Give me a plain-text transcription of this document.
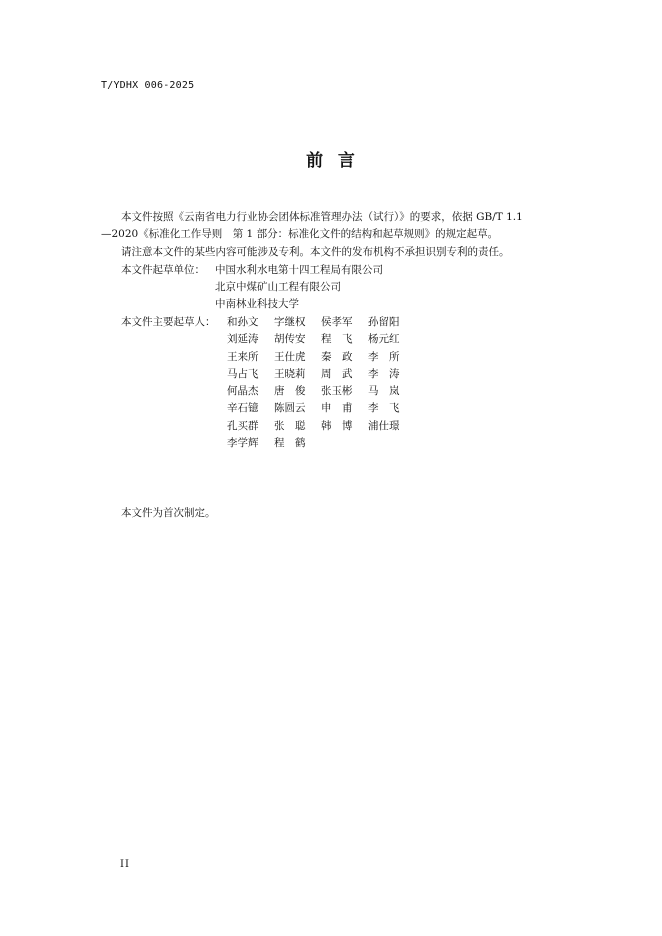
T/YDHX 006-2025
前  言
本文件按照《云南省电力行业协会团体标准管理办法（试行）》的要求，依据 GB/T 1.1
—2020《标准化工作导则　第 1 部分：标准化文件的结构和起草规则》的规定起草。
请注意本文件的某些内容可能涉及专利。本文件的发布机构不承担识别专利的责任。
本文件起草单位： 中国水利水电第十四工程局有限公司
北京中煤矿山工程有限公司
中南林业科技大学
本文件主要起草人： 和孙文	字继权	侯孝军	孙留阳
刘延涛	胡传安	程　飞	杨元红
王来所	王仕虎	秦　政	李　所
马占飞	王晓莉	周　武	李　涛
何晶杰	唐　俊	张玉彬	马　岚
辛石镱	陈圆云	申　甫	李　飞
孔买群	张　聪	韩　博	浦仕璟
李学辉	程　鹤
本文件为首次制定。
II
